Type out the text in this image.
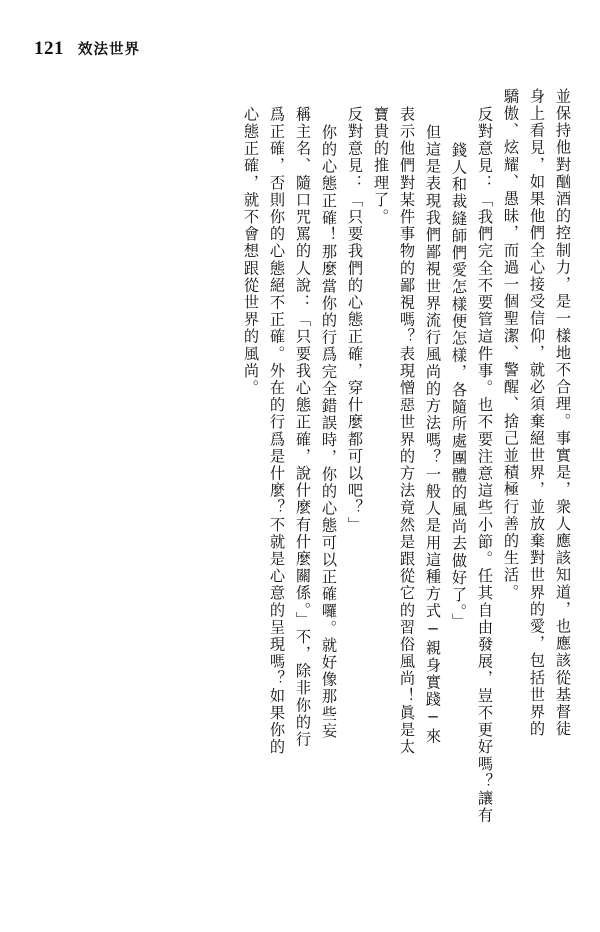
121 效法世界
並保持他對酗酒的控制力，是一樣地不合理。事實是，衆人應該知道，也應該從基督徒
身上看見，如果他們全心接受信仰，就必須棄絕世界，並放棄對世界的愛，包括世界的
驕傲、炫耀、愚昧，而過一個聖潔、警醒、捨己並積極行善的生活。
反對意見：「我們完全不要管這件事。也不要注意這些小節。任其自由發展，豈不更好嗎？讓有
錢人和裁縫師們愛怎樣便怎樣，各隨所處團體的風尚去做好了。」
但這是表現我們鄙視世界流行風尚的方法嗎？一般人是用這種方式─親身實踐─來
表示他們對某件事物的鄙視嗎？表現憎惡世界的方法竟然是跟從它的習俗風尚！眞是太
寶貴的推理了。
反對意見：「只要我們的心態正確，穿什麼都可以吧？」
你的心態正確！那麼當你的行爲完全錯誤時，你的心態可以正確囉。就好像那些妄
稱主名、隨口咒罵的人說：「只要我心態正確，說什麼有什麼關係。」不，除非你的行
爲正確，否則你的心態絕不正確。外在的行爲是什麼？不就是心意的呈現嗎？如果你的
心態正確，就不會想跟從世界的風尚。
